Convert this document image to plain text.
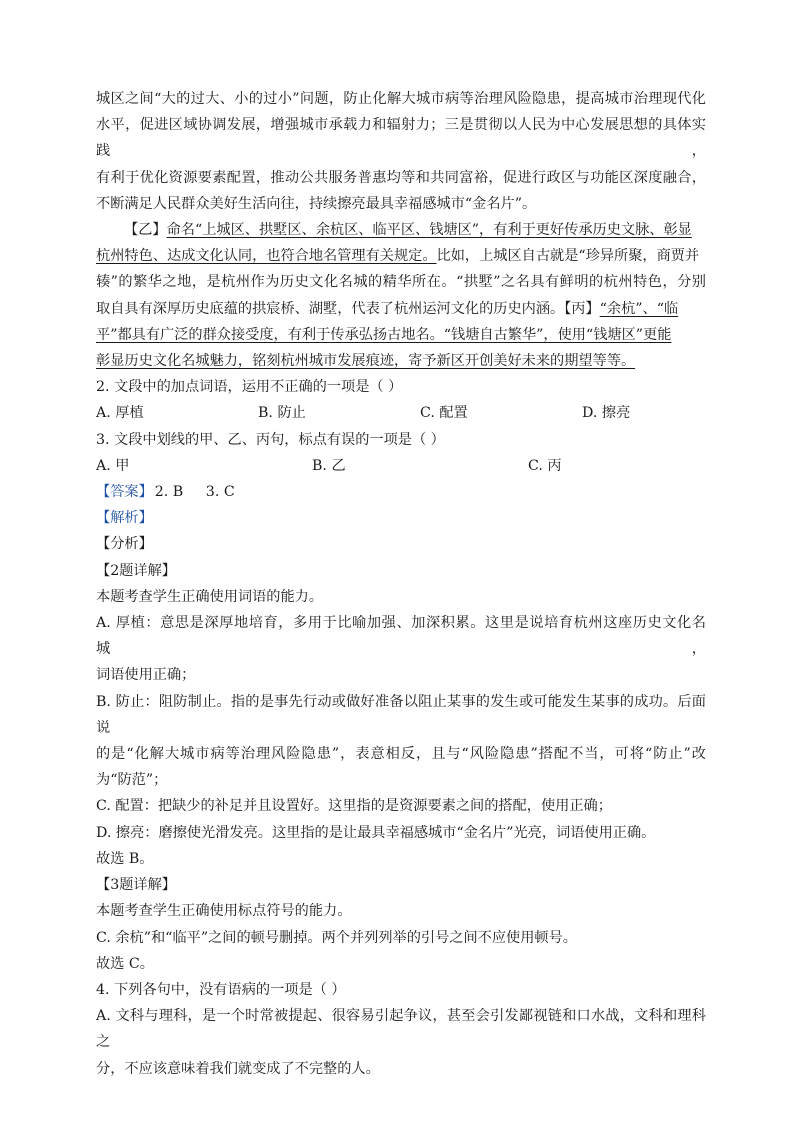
城区之间“大的过大、小的过小”问题，防止化解大城市病等治理风险隐患，提高城市治理现代化

水平，促进区域协调发展，增强城市承载力和辐射力；三是贯彻以人民为中心发展思想的具体实践，

有利于优化资源要素配置，推动公共服务普惠均等和共同富裕，促进行政区与功能区深度融合，

不断满足人民群众美好生活向往，持续擦亮最具幸福感城市“金名片”。

【乙】命名“上城区、拱墅区、余杭区、临平区、钱塘区”，有利于更好传承历史文脉、彰显

杭州特色、达成文化认同，也符合地名管理有关规定。比如，上城区自古就是“珍异所聚，商贾并

辏”的繁华之地，是杭州作为历史文化名城的精华所在。“拱墅”之名具有鲜明的杭州特色，分别

取自具有深厚历史底蕴的拱宸桥、湖墅，代表了杭州运河文化的历史内涵。【丙】“余杭”、“临

平”都具有广泛的群众接受度，有利于传承弘扬古地名。“钱塘自古繁华”，使用“钱塘区”更能

彰显历史文化名城魅力，铭刻杭州城市发展痕迹，寄予新区开创美好未来的期望等等。

2. 文段中的加点词语，运用不正确的一项是（ ）

A. 厚植	B. 防止	C. 配置	D. 擦亮

3. 文段中划线的甲、乙、丙句，标点有误的一项是（ ）

A. 甲	B. 乙	C. 丙

【答案】 2. B     3. C

【解析】

【分析】

【2题详解】

本题考查学生正确使用词语的能力。

A. 厚植：意思是深厚地培育，多用于比喻加强、加深积累。这里是说培育杭州这座历史文化名城，

词语使用正确；

B. 防止：阻防制止。指的是事先行动或做好准备以阻止某事的发生或可能发生某事的成功。后面说

的是“化解大城市病等治理风险隐患”，表意相反，且与“风险隐患”搭配不当，可将“防止”改

为“防范”；

C. 配置：把缺少的补足并且设置好。这里指的是资源要素之间的搭配，使用正确；

D. 擦亮：磨擦使光滑发亮。这里指的是让最具幸福感城市“金名片”光亮，词语使用正确。

故选 B。

【3题详解】

本题考查学生正确使用标点符号的能力。

C. 余杭”和“临平”之间的顿号删掉。两个并列列举的引号之间不应使用顿号。

故选 C。

4. 下列各句中，没有语病的一项是（ ）

A. 文科与理科，是一个时常被提起、很容易引起争议，甚至会引发鄙视链和口水战，文科和理科之

分，不应该意味着我们就变成了不完整的人。
